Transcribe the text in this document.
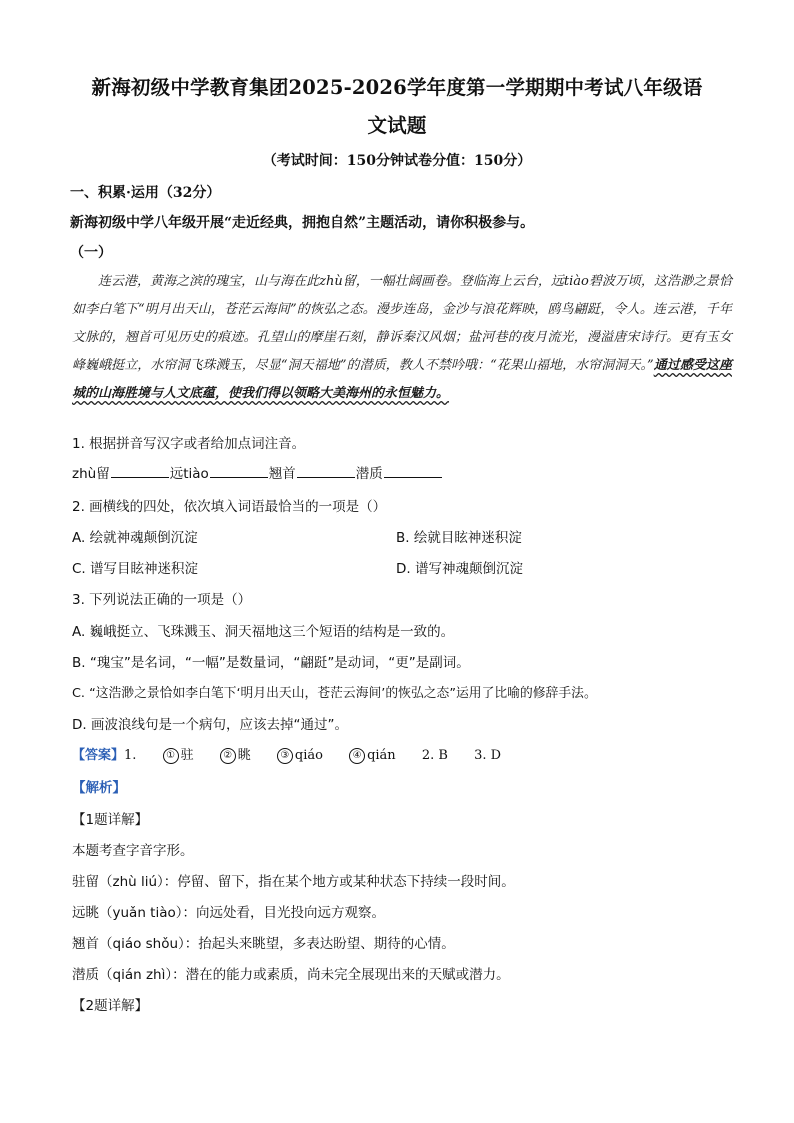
新海初级中学教育集团2025-2026学年度第一学期期中考试八年级语
文试题
（考试时间：150分钟试卷分值：150分）
一、积累·运用（32分）
新海初级中学八年级开展“走近经典，拥抱自然”主题活动，请你积极参与。
（一）
连云港，黄海之滨的瑰宝，山与海在此zhù留，一幅壮阔画卷。登临海上云台，远tiào碧波万顷，这浩渺之景恰如李白笔下“明月出天山，苍茫云海间”的恢弘之态。漫步连岛，金沙与浪花辉映，鸥鸟翩跹，令人。连云港，千年文脉的，翘首可见历史的痕迹。孔望山的摩崖石刻，静诉秦汉风烟；盐河巷的夜月流光，漫溢唐宋诗行。更有玉女峰巍峨挺立，水帘洞飞珠溅玉，尽显“洞天福地”的潜质，教人不禁吟哦：“花果山福地，水帘洞洞天。”通过感受这座城的山海胜境与人文底蕴，使我们得以领略大美海州的永恒魅力。
1. 根据拼音写汉字或者给加点词注音。
zhù留	远tiào	翘首	潜质
2. 画横线的四处，依次填入词语最恰当的一项是（）
A. 绘就神魂颠倒沉淀	B. 绘就目眩神迷积淀
C. 谱写目眩神迷积淀	D. 谱写神魂颠倒沉淀
3. 下列说法正确的一项是（）
A. 巍峨挺立、飞珠溅玉、洞天福地这三个短语的结构是一致的。
B. “瑰宝”是名词，“一幅”是数量词，“翩跹”是动词，“更”是副词。
C. “这浩渺之景恰如李白笔下‘明月出天山，苍茫云海间’的恢弘之态”运用了比喻的修辞手法。
D. 画波浪线句是一个病句，应该去掉“通过”。
【答案】1.	① 驻	② 眺	③ qiáo	④ qián 2. B 3. D
【解析】
【1题详解】
本题考查字音字形。
驻留（zhù liú）：停留、留下，指在某个地方或某种状态下持续一段时间。
远眺（yuǎn tiào）：向远处看，目光投向远方观察。
翘首（qiáo shǒu）：抬起头来眺望，多表达盼望、期待的心情。
潜质（qián zhì）：潜在的能力或素质，尚未完全展现出来的天赋或潜力。
【2题详解】
